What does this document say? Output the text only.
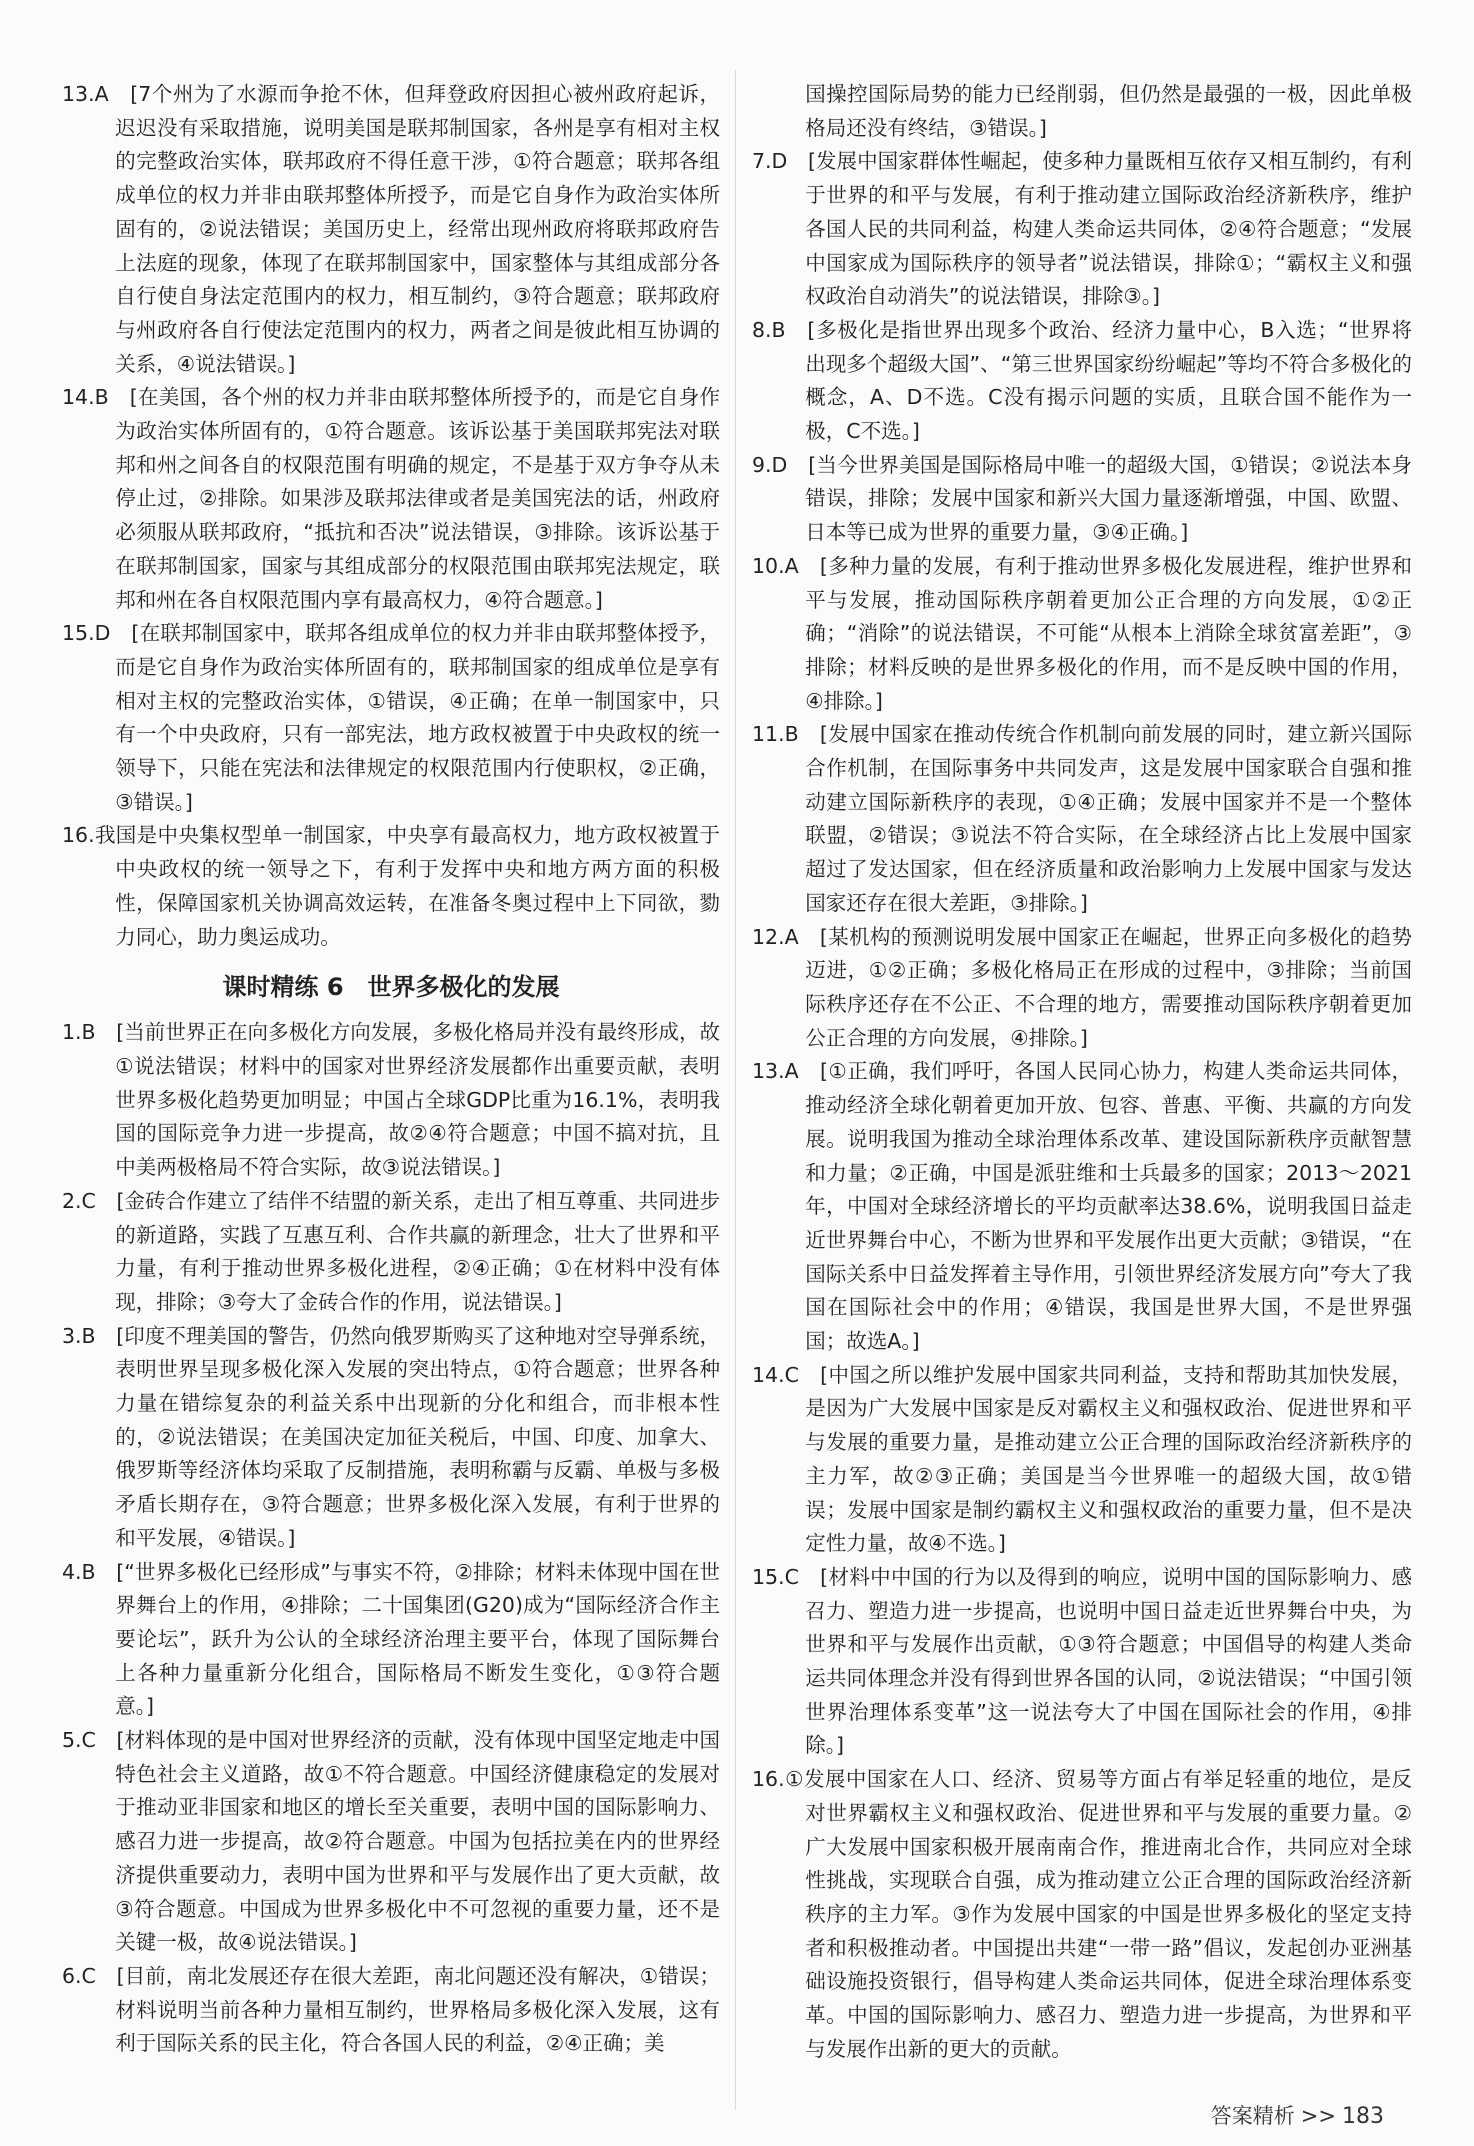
13.A　[7个州为了水源而争抢不休，但拜登政府因担心被州政府起诉，迟迟没有采取措施，说明美国是联邦制国家，各州是享有相对主权的完整政治实体，联邦政府不得任意干涉，①符合题意；联邦各组成单位的权力并非由联邦整体所授予，而是它自身作为政治实体所固有的，②说法错误；美国历史上，经常出现州政府将联邦政府告上法庭的现象，体现了在联邦制国家中，国家整体与其组成部分各自行使自身法定范围内的权力，相互制约，③符合题意；联邦政府与州政府各自行使法定范围内的权力，两者之间是彼此相互协调的关系，④说法错误。]

14.B　[在美国，各个州的权力并非由联邦整体所授予的，而是它自身作为政治实体所固有的，①符合题意。该诉讼基于美国联邦宪法对联邦和州之间各自的权限范围有明确的规定，不是基于双方争夺从未停止过，②排除。如果涉及联邦法律或者是美国宪法的话，州政府必须服从联邦政府，“抵抗和否决”说法错误，③排除。该诉讼基于在联邦制国家，国家与其组成部分的权限范围由联邦宪法规定，联邦和州在各自权限范围内享有最高权力，④符合题意。]

15.D　[在联邦制国家中，联邦各组成单位的权力并非由联邦整体授予，而是它自身作为政治实体所固有的，联邦制国家的组成单位是享有相对主权的完整政治实体，①错误，④正确；在单一制国家中，只有一个中央政府，只有一部宪法，地方政权被置于中央政权的统一领导下，只能在宪法和法律规定的权限范围内行使职权，②正确，③错误。]

16.我国是中央集权型单一制国家，中央享有最高权力，地方政权被置于中央政权的统一领导之下，有利于发挥中央和地方两方面的积极性，保障国家机关协调高效运转，在准备冬奥过程中上下同欲，勠力同心，助力奥运成功。

课时精练 6　世界多极化的发展

1.B　[当前世界正在向多极化方向发展，多极化格局并没有最终形成，故①说法错误；材料中的国家对世界经济发展都作出重要贡献，表明世界多极化趋势更加明显；中国占全球GDP比重为16.1%，表明我国的国际竞争力进一步提高，故②④符合题意；中国不搞对抗，且中美两极格局不符合实际，故③说法错误。]

2.C　[金砖合作建立了结伴不结盟的新关系，走出了相互尊重、共同进步的新道路，实践了互惠互利、合作共赢的新理念，壮大了世界和平力量，有利于推动世界多极化进程，②④正确；①在材料中没有体现，排除；③夸大了金砖合作的作用，说法错误。]

3.B　[印度不理美国的警告，仍然向俄罗斯购买了这种地对空导弹系统，表明世界呈现多极化深入发展的突出特点，①符合题意；世界各种力量在错综复杂的利益关系中出现新的分化和组合，而非根本性的，②说法错误；在美国决定加征关税后，中国、印度、加拿大、俄罗斯等经济体均采取了反制措施，表明称霸与反霸、单极与多极矛盾长期存在，③符合题意；世界多极化深入发展，有利于世界的和平发展，④错误。]

4.B　[“世界多极化已经形成”与事实不符，②排除；材料未体现中国在世界舞台上的作用，④排除；二十国集团(G20)成为“国际经济合作主要论坛”，跃升为公认的全球经济治理主要平台，体现了国际舞台上各种力量重新分化组合，国际格局不断发生变化，①③符合题意。]

5.C　[材料体现的是中国对世界经济的贡献，没有体现中国坚定地走中国特色社会主义道路，故①不符合题意。中国经济健康稳定的发展对于推动亚非国家和地区的增长至关重要，表明中国的国际影响力、感召力进一步提高，故②符合题意。中国为包括拉美在内的世界经济提供重要动力，表明中国为世界和平与发展作出了更大贡献，故③符合题意。中国成为世界多极化中不可忽视的重要力量，还不是关键一极，故④说法错误。]

6.C　[目前，南北发展还存在很大差距，南北问题还没有解决，①错误；材料说明当前各种力量相互制约，世界格局多极化深入发展，这有利于国际关系的民主化，符合各国人民的利益，②④正确；美

国操控国际局势的能力已经削弱，但仍然是最强的一极，因此单极格局还没有终结，③错误。]

7.D　[发展中国家群体性崛起，使多种力量既相互依存又相互制约，有利于世界的和平与发展，有利于推动建立国际政治经济新秩序，维护各国人民的共同利益，构建人类命运共同体，②④符合题意；“发展中国家成为国际秩序的领导者”说法错误，排除①；“霸权主义和强权政治自动消失”的说法错误，排除③。]

8.B　[多极化是指世界出现多个政治、经济力量中心，B入选；“世界将出现多个超级大国”、“第三世界国家纷纷崛起”等均不符合多极化的概念，A、D不选。C没有揭示问题的实质，且联合国不能作为一极，C不选。]

9.D　[当今世界美国是国际格局中唯一的超级大国，①错误；②说法本身错误，排除；发展中国家和新兴大国力量逐渐增强，中国、欧盟、日本等已成为世界的重要力量，③④正确。]

10.A　[多种力量的发展，有利于推动世界多极化发展进程，维护世界和平与发展，推动国际秩序朝着更加公正合理的方向发展，①②正确；“消除”的说法错误，不可能“从根本上消除全球贫富差距”，③排除；材料反映的是世界多极化的作用，而不是反映中国的作用，④排除。]

11.B　[发展中国家在推动传统合作机制向前发展的同时，建立新兴国际合作机制，在国际事务中共同发声，这是发展中国家联合自强和推动建立国际新秩序的表现，①④正确；发展中国家并不是一个整体联盟，②错误；③说法不符合实际，在全球经济占比上发展中国家超过了发达国家，但在经济质量和政治影响力上发展中国家与发达国家还存在很大差距，③排除。]

12.A　[某机构的预测说明发展中国家正在崛起，世界正向多极化的趋势迈进，①②正确；多极化格局正在形成的过程中，③排除；当前国际秩序还存在不公正、不合理的地方，需要推动国际秩序朝着更加公正合理的方向发展，④排除。]

13.A　[①正确，我们呼吁，各国人民同心协力，构建人类命运共同体，推动经济全球化朝着更加开放、包容、普惠、平衡、共赢的方向发展。说明我国为推动全球治理体系改革、建设国际新秩序贡献智慧和力量；②正确，中国是派驻维和士兵最多的国家；2013～2021年，中国对全球经济增长的平均贡献率达38.6%，说明我国日益走近世界舞台中心，不断为世界和平发展作出更大贡献；③错误，“在国际关系中日益发挥着主导作用，引领世界经济发展方向”夸大了我国在国际社会中的作用；④错误，我国是世界大国，不是世界强国；故选A。]

14.C　[中国之所以维护发展中国家共同利益，支持和帮助其加快发展，是因为广大发展中国家是反对霸权主义和强权政治、促进世界和平与发展的重要力量，是推动建立公正合理的国际政治经济新秩序的主力军，故②③正确；美国是当今世界唯一的超级大国，故①错误；发展中国家是制约霸权主义和强权政治的重要力量，但不是决定性力量，故④不选。]

15.C　[材料中中国的行为以及得到的响应，说明中国的国际影响力、感召力、塑造力进一步提高，也说明中国日益走近世界舞台中央，为世界和平与发展作出贡献，①③符合题意；中国倡导的构建人类命运共同体理念并没有得到世界各国的认同，②说法错误；“中国引领世界治理体系变革”这一说法夸大了中国在国际社会的作用，④排除。]

16.①发展中国家在人口、经济、贸易等方面占有举足轻重的地位，是反对世界霸权主义和强权政治、促进世界和平与发展的重要力量。②广大发展中国家积极开展南南合作，推进南北合作，共同应对全球性挑战，实现联合自强，成为推动建立公正合理的国际政治经济新秩序的主力军。③作为发展中国家的中国是世界多极化的坚定支持者和积极推动者。中国提出共建“一带一路”倡议，发起创办亚洲基础设施投资银行，倡导构建人类命运共同体，促进全球治理体系变革。中国的国际影响力、感召力、塑造力进一步提高，为世界和平与发展作出新的更大的贡献。

答案精析 >> 183
